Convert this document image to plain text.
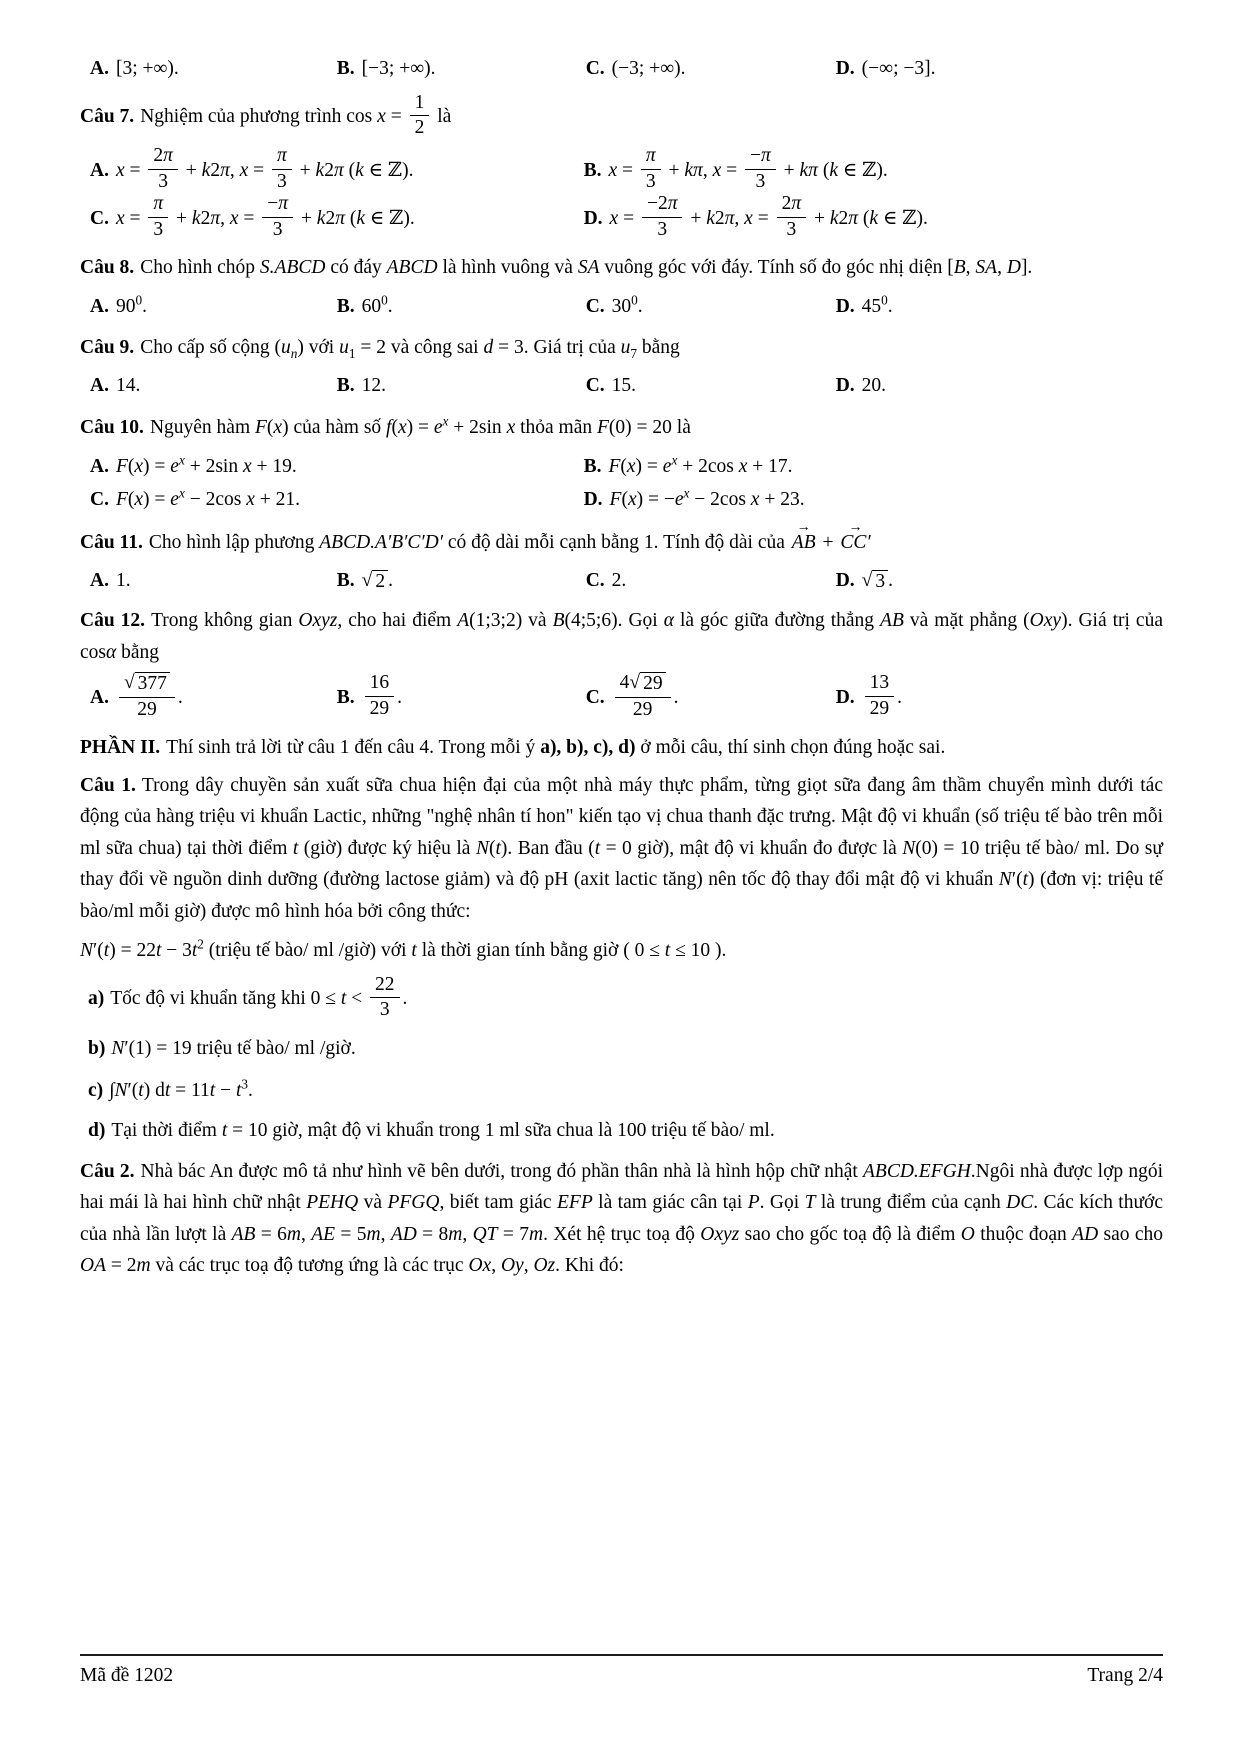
A. [3; +∞).	B. [−3; +∞).	C. (−3; +∞).	D. (−∞; −3].

Câu 7. Nghiệm của phương trình $\cos x = \frac{1}{2}$ là

A. $x = \frac{2\pi}{3} + k2\pi$, $x = \frac{\pi}{3} + k2\pi$ (k ∈ ℤ).	B. $x = \frac{\pi}{3} + k\pi$, $x = \frac{-\pi}{3} + k\pi$ (k ∈ ℤ).
C. $x = \frac{\pi}{3} + k2\pi$, $x = \frac{-\pi}{3} + k2\pi$ (k ∈ ℤ).	D. $x = \frac{-2\pi}{3} + k2\pi$, $x = \frac{2\pi}{3} + k2\pi$ (k ∈ ℤ).

Câu 8. Cho hình chóp S.ABCD có đáy ABCD là hình vuông và SA vuông góc với đáy. Tính số đo góc nhị diện [B, SA, D].

A. $90^0$.	B. $60^0$.	C. $30^0$.	D. $45^0$.

Câu 9. Cho cấp số cộng $(u_n)$ với $u_1 = 2$ và công sai d = 3. Giá trị của $u_7$ bằng

A. 14.	B. 12.	C. 15.	D. 20.

Câu 10. Nguyên hàm F(x) của hàm số $f(x) = e^x + 2\sin$ x thỏa mãn F(0) = 20 là

A. $F(x) = e^x + 2\sin$ x + 19.	B. $F(x) = e^x + 2\cos$ x + 17.
C. $F(x) = e^x - 2\cos$ x + 21.	D. $F(x) = -e^x - 2\cos$ x + 23.

Câu 11. Cho hình lập phương ABCD.A′B′C′D′ có độ dài mỗi cạnh bằng 1. Tính độ dài của → AB + → CC′

A. 1.	B. √ 2 .	C. 2.	D. √ 3 .

Câu 12. Trong không gian Oxyz, cho hai điểm A(1;3;2) và B(4;5;6). Gọi α là góc giữa đường thẳng AB và mặt phẳng (Oxy). Giá trị của cosα bằng

A. $\frac{√ 377}{29}$ .	B. $\frac{16}{29}$ .	C. $\frac{4 √ 29}{29}$ .	D. $\frac{13}{29}$ .

PHẦN II. Thí sinh trả lời từ câu 1 đến câu 4. Trong mỗi ý a), b), c), d) ở mỗi câu, thí sinh chọn đúng hoặc sai.

Câu 1. Trong dây chuyền sản xuất sữa chua hiện đại của một nhà máy thực phẩm, từng giọt sữa đang âm thầm chuyển mình dưới tác động của hàng triệu vi khuẩn Lactic, những "nghệ nhân tí hon" kiến tạo vị chua thanh đặc trưng. Mật độ vi khuẩn (số triệu tế bào trên mỗi ml sữa chua) tại thời điểm t (giờ) được ký hiệu là N(t). Ban đầu (t = 0 giờ), mật độ vi khuẩn đo được là N(0) = 10 triệu tế bào/ ml. Do sự thay đổi về nguồn dinh dưỡng (đường lactose giảm) và độ pH (axit lactic tăng) nên tốc độ thay đổi mật độ vi khuẩn N′(t) (đơn vị: triệu tế bào/ml mỗi giờ) được mô hình hóa bởi công thức:

$N'(t) = 22t - 3t^2$ (triệu tế bào/ ml /giờ) với t là thời gian tính bằng giờ ( 0 ≤ t ≤ 10 ).

a) Tốc độ vi khuẩn tăng khi $0 \le t < \frac{22}{3}$ .

b) N′(1) = 19 triệu tế bào/ ml /giờ.

c) ∫N′(t) dt = $11t - t^3$.

d) Tại thời điểm t = 10 giờ, mật độ vi khuẩn trong 1 ml sữa chua là 100 triệu tế bào/ ml.

Câu 2. Nhà bác An được mô tả như hình vẽ bên dưới, trong đó phần thân nhà là hình hộp chữ nhật ABCD.EFGH.Ngôi nhà được lợp ngói hai mái là hai hình chữ nhật PEHQ và PFGQ, biết tam giác EFP là tam giác cân tại P. Gọi T là trung điểm của cạnh DC. Các kích thước của nhà lần lượt là AB = 6m, AE = 5m, AD = 8m, QT = 7m. Xét hệ trục toạ độ Oxyz sao cho gốc toạ độ là điểm O thuộc đoạn AD sao cho OA = 2m và các trục toạ độ tương ứng là các trục Ox, Oy, Oz. Khi đó:

Mã đề 1202	Trang 2/4
